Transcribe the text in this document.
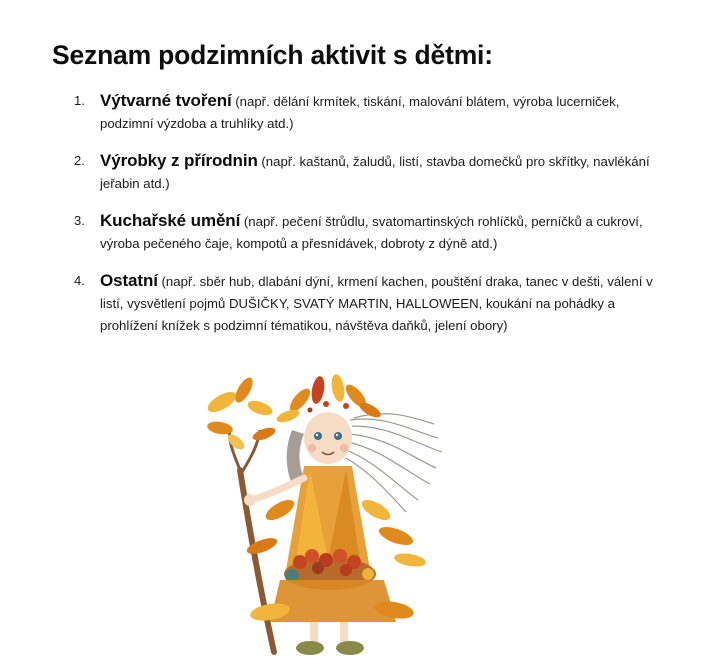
Seznam podzimních aktivit s dětmi:
1. Výtvarné tvoření (např. dělání krmítek, tiskání, malování blátem, výroba lucerniček, podzimní výzdoba a truhlíky atd.)
2. Výrobky z přírodnin (např. kaštanů, žaludů, listí, stavba domečků pro skřítky, navlékání jeřabin atd.)
3. Kuchařské umění (např. pečení štrůdlu, svatomartinských rohlíčků, perníčků a cukroví, výroba pečeného čaje, kompotů a přesnídávek, dobroty z dýně atd.)
4. Ostatní (např. sběr hub, dlabání dýní, krmení kachen, pouštění draka, tanec v dešti, válení v listí, vysvětlení pojmů DUŠIČKY, SVATÝ MARTIN, HALLOWEEN, koukání na pohádky a prohlížení knížek s podzimní tématikou, návštěva daňků, jelení obory)
